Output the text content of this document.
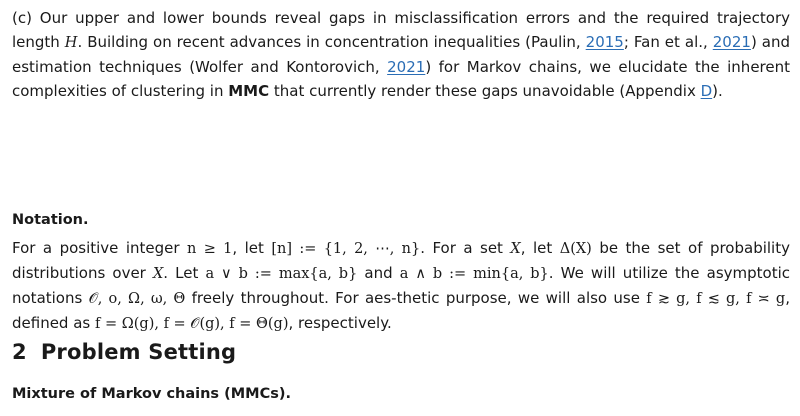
(c) Our upper and lower bounds reveal gaps in misclassification errors and the required trajectory length H. Building on recent advances in concentration inequalities (Paulin, 2015; Fan et al., 2021) and estimation techniques (Wolfer and Kontorovich, 2021) for Markov chains, we elucidate the inherent complexities of clustering in MMC that currently render these gaps unavoidable (Appendix D).
Notation.
For a positive integer n ≥ 1, let [n] := {1, 2, ⋯, n}. For a set X, let Δ(X) be the set of probability distributions over X. Let a ∨ b := max{a, b} and a ∧ b := min{a, b}. We will utilize the asymptotic notations 𝒪, o, Ω, ω, Θ freely throughout. For aes-thetic purpose, we will also use f ≳ g, f ≲ g, f ≍ g, defined as f = Ω(g), f = 𝒪(g), f = Θ(g), respectively.
2 Problem Setting
Mixture of Markov chains (MMCs).
